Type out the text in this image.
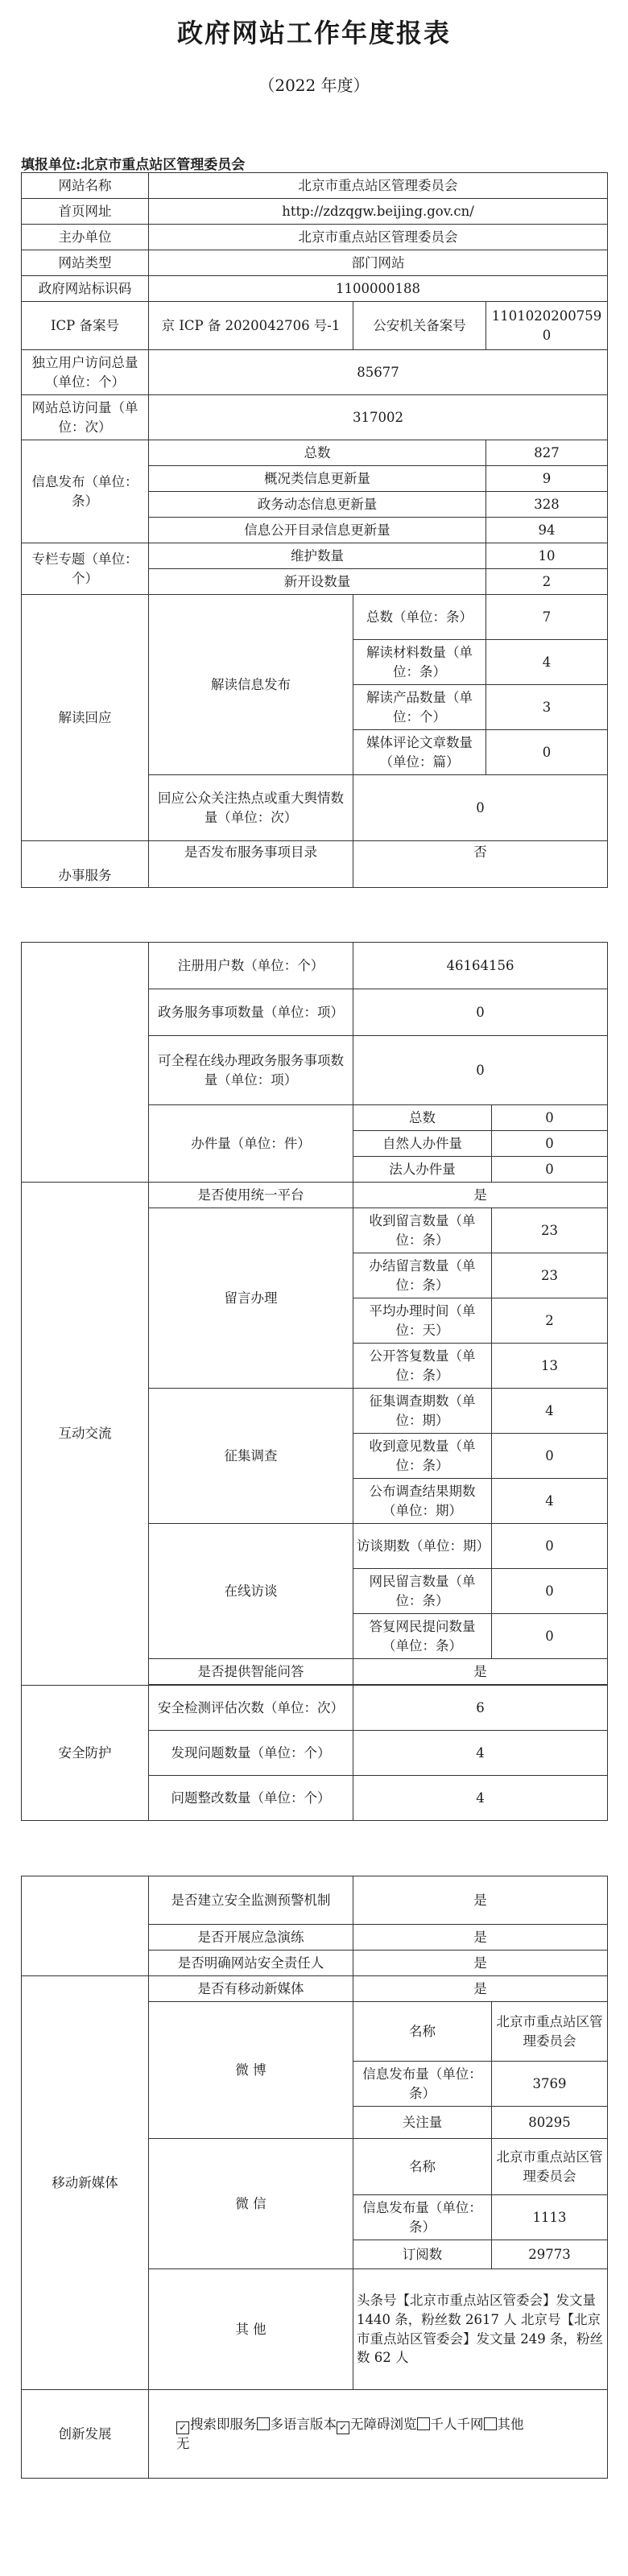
政府网站工作年度报表
（2022 年度）
填报单位:北京市重点站区管理委员会
网站名称	北京市重点站区管理委员会		
首页网址	http://zdzqgw.beijing.gov.cn/		
主办单位	北京市重点站区管理委员会		
网站类型	部门网站		
政府网站标识码	1100000188		
ICP 备案号	京 ICP 备 2020042706 号-1	公安机关备案号	11010202007590
独立用户访问总量（单位：个）	85677		
网站总访问量（单位：次）	317002		
信息发布（单位：条）	总数		827
	概况类信息更新量		9
	政务动态信息更新量		328
	信息公开目录信息更新量		94
专栏专题（单位：个）	维护数量		10
	新开设数量		2
解读回应	解读信息发布	总数（单位：条）	7
		解读材料数量（单位：条）	4
		解读产品数量（单位：个）	3
		媒体评论文章数量（单位：篇）	0
	回应公众关注热点或重大舆情数量（单位：次）	0	
办事服务	是否发布服务事项目录	否	
	注册用户数（单位：个）	46164156	
	政务服务事项数量（单位：项）	0	
	可全程在线办理政务服务事项数量（单位：项）	0	
	办件量（单位：件）	总数	0
		自然人办件量	0
		法人办件量	0
互动交流	是否使用统一平台	是	
	留言办理	收到留言数量（单位：条）	23
		办结留言数量（单位：条）	23
		平均办理时间（单位：天）	2
		公开答复数量（单位：条）	13
	征集调查	征集调查期数（单位：期）	4
		收到意见数量（单位：条）	0
		公布调查结果期数（单位：期）	4
	在线访谈	访谈期数（单位：期）	0
		网民留言数量（单位：条）	0
		答复网民提问数量（单位：条）	0
	是否提供智能问答	是	

安全防护	安全检测评估次数（单位：次）	6	
	发现问题数量（单位：个）	4	
	问题整改数量（单位：个）	4	
	是否建立安全监测预警机制	是	
	是否开展应急演练	是	
	是否明确网站安全责任人	是	
移动新媒体	是否有移动新媒体	是	
	微 博	名称	北京市重点站区管理委员会
		信息发布量（单位：条）	3769
		关注量	80295
	微 信	名称	北京市重点站区管理委员会
		信息发布量（单位：条）	1113
		订阅数	29773
	其 他	头条号【北京市重点站区管委会】发文量 1440 条，粉丝数 2617 人 北京号【北京市重点站区管委会】发文量 249 条，粉丝数 62 人	
创新发展	✓ 搜索即服务 多语言版本 ✓ 无障碍浏览 千人千网 其他
无		
